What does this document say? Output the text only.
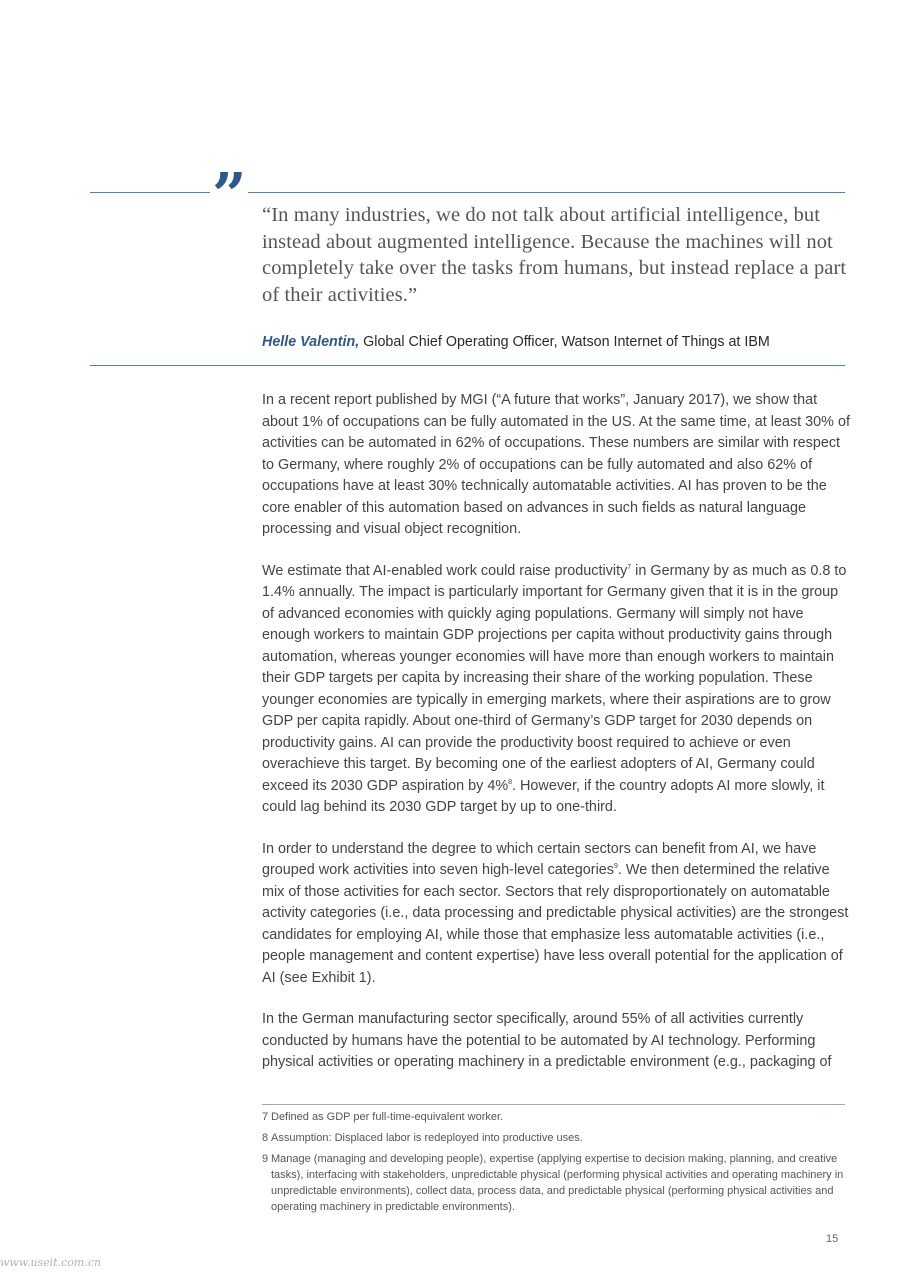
” “In many industries, we do not talk about artificial intelligence, but instead about augmented intelligence. Because the machines will not completely take over the tasks from humans, but instead replace a part of their activities.”

Helle Valentin, Global Chief Operating Officer, Watson Internet of Things at IBM

In a recent report published by MGI (“A future that works”, January 2017), we show that about 1% of occupations can be fully automated in the US. At the same time, at least 30% of activities can be automated in 62% of occupations. These numbers are similar with respect to Germany, where roughly 2% of occupations can be fully automated and also 62% of occupations have at least 30% technically automatable activities. AI has proven to be the core enabler of this automation based on advances in such fields as natural language processing and visual object recognition.

We estimate that AI-enabled work could raise productivity$^7$ in Germany by as much as 0.8 to 1.4% annually. The impact is particularly important for Germany given that it is in the group of advanced economies with quickly aging populations. Germany will simply not have enough workers to maintain GDP projections per capita without productivity gains through automation, whereas younger economies will have more than enough workers to maintain their GDP targets per capita by increasing their share of the working population. These younger economies are typically in emerging markets, where their aspirations are to grow GDP per capita rapidly. About one-third of Germany’s GDP target for 2030 depends on productivity gains. AI can provide the productivity boost required to achieve or even overachieve this target. By becoming one of the earliest adopters of AI, Germany could exceed its 2030 GDP aspiration by 4%$^8$. However, if the country adopts AI more slowly, it could lag behind its 2030 GDP target by up to one-third.

In order to understand the degree to which certain sectors can benefit from AI, we have grouped work activities into seven high-level categories$^9$. We then determined the relative mix of those activities for each sector. Sectors that rely disproportionately on automatable activity categories (i.e., data processing and predictable physical activities) are the strongest candidates for employing AI, while those that emphasize less automatable activities (i.e., people management and content expertise) have less overall potential for the application of AI (see Exhibit 1).

In the German manufacturing sector specifically, around 55% of all activities currently conducted by humans have the potential to be automated by AI technology. Performing physical activities or operating machinery in a predictable environment (e.g., packaging of

7 Defined as GDP per full-time-equivalent worker.
8 Assumption: Displaced labor is redeployed into productive uses.
9 Manage (managing and developing people), expertise (applying expertise to decision making, planning, and creative tasks), interfacing with stakeholders, unpredictable physical (performing physical activities and operating machinery in unpredictable environments), collect data, process data, and predictable physical (performing physical activities and operating machinery in predictable environments).
15
www.useit.com.cn
